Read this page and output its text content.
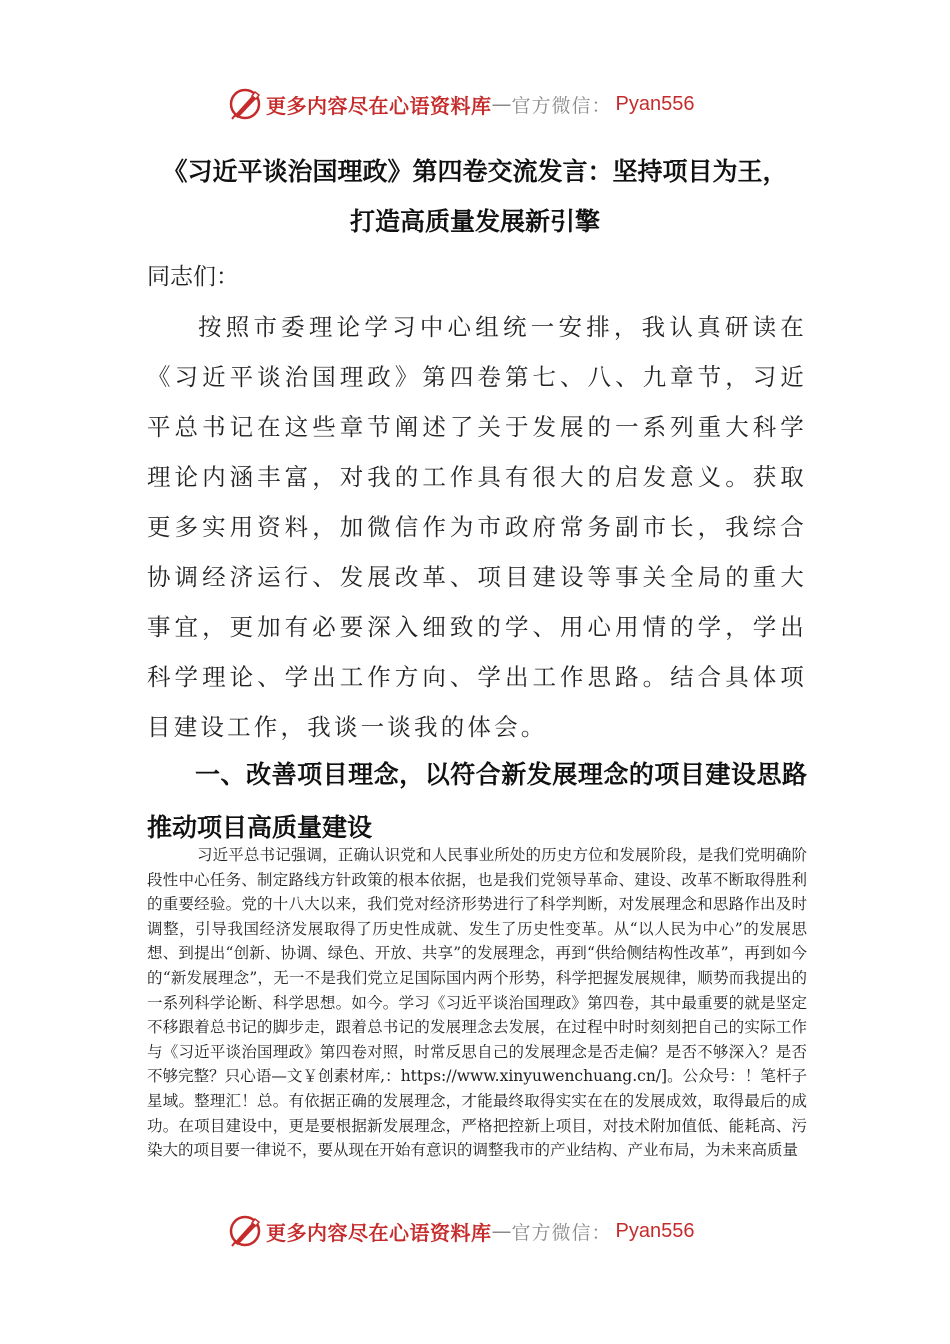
更多内容尽在心语资料库 — 官方微信： Pyan556
《习近平谈治国理政》第四卷交流发言：坚持项目为王，
打造高质量发展新引擎
同志们：

按照市委理论学习中心组统一安排，我认真研读在《习近平谈治国理政》第四卷第七、八、九章节，习近平总书记在这些章节阐述了关于发展的一系列重大科学理论内涵丰富，对我的工作具有很大的启发意义。获取更多实用资料，加微信作为市政府常务副市长，我综合协调经济运行、发展改革、项目建设等事关全局的重大事宜，更加有必要深入细致的学、用心用情的学，学出科学理论、学出工作方向、学出工作思路。结合具体项目建设工作，我谈一谈我的体会。

一、改善项目理念，以符合新发展理念的项目建设思路推动项目高质量建设

习近平总书记强调，正确认识党和人民事业所处的历史方位和发展阶段，是我们党明确阶段性中心任务、制定路线方针政策的根本依据，也是我们党领导革命、建设、改革不断取得胜利的重要经验。党的十八大以来，我们党对经济形势进行了科学判断，对发展理念和思路作出及时调整，引导我国经济发展取得了历史性成就、发生了历史性变革。从“以人民为中心”的发展思想、到提出“创新、协调、绿色、开放、共享”的发展理念，再到“供给侧结构性改革”，再到如今的“新发展理念”，无一不是我们党立足国际国内两个形势，科学把握发展规律，顺势而我提出的一系列科学论断、科学思想。如今。学习《习近平谈治国理政》第四卷，其中最重要的就是坚定不移跟着总书记的脚步走，跟着总书记的发展理念去发展，在过程中时时刻刻把自己的实际工作与《习近平谈治国理政》第四卷对照，时常反思自己的发展理念是否走偏？是否不够深入？是否不够完整？只心语—文￥创素材库,：https://www.xinyuwenchuang.cn/]。公众号：！笔杆子星域。整理汇！总。有依据正确的发展理念，才能最终取得实实在在的发展成效，取得最后的成功。在项目建设中，更是要根据新发展理念，严格把控新上项目，对技术附加值低、能耗高、污染大的项目要一律说不，要从现在开始有意识的调整我市的产业结构、产业布局，为未来高质量

更多内容尽在心语资料库 — 官方微信： Pyan556
